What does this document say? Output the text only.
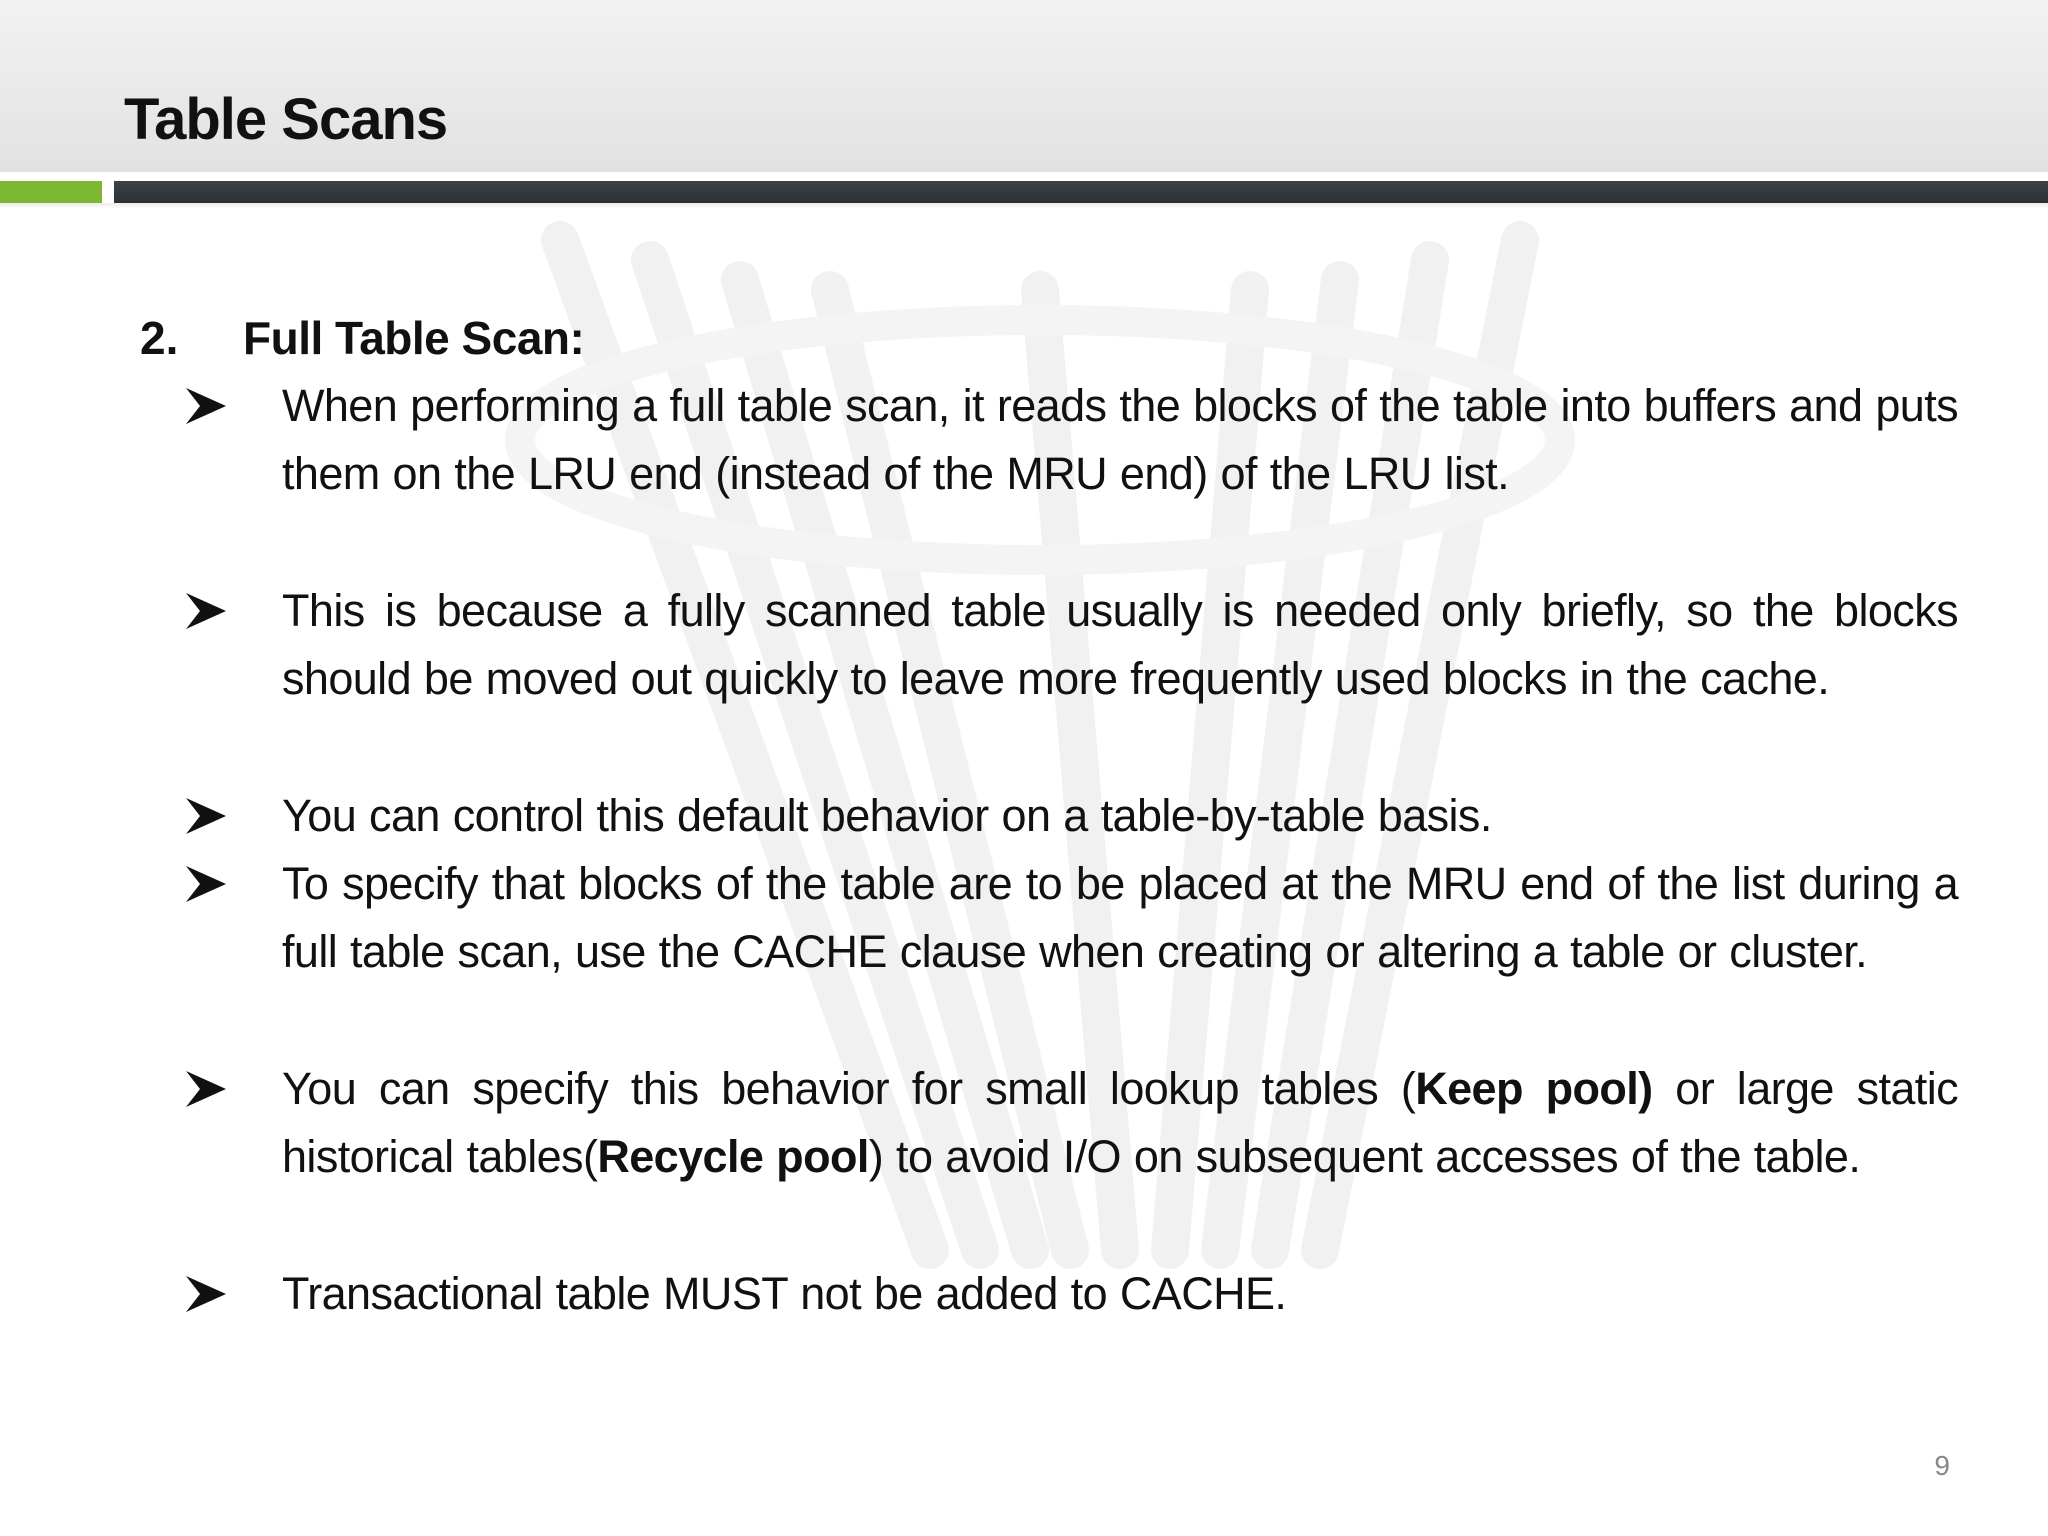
Table Scans
2. Full Table Scan:

When performing a full table scan, it reads the blocks of the table into buffers and puts them on the LRU end (instead of the MRU end) of the LRU list.

This is because a fully scanned table usually is needed only briefly, so the blocks should be moved out quickly to leave more frequently used blocks in the cache.

You can control this default behavior on a table-by-table basis.

To specify that blocks of the table are to be placed at the MRU end of the list during a full table scan, use the CACHE clause when creating or altering a table or cluster.

You can specify this behavior for small lookup tables (Keep pool) or large static historical tables(Recycle pool) to avoid I/O on subsequent accesses of the table.

Transactional table MUST not be added to CACHE.

9
